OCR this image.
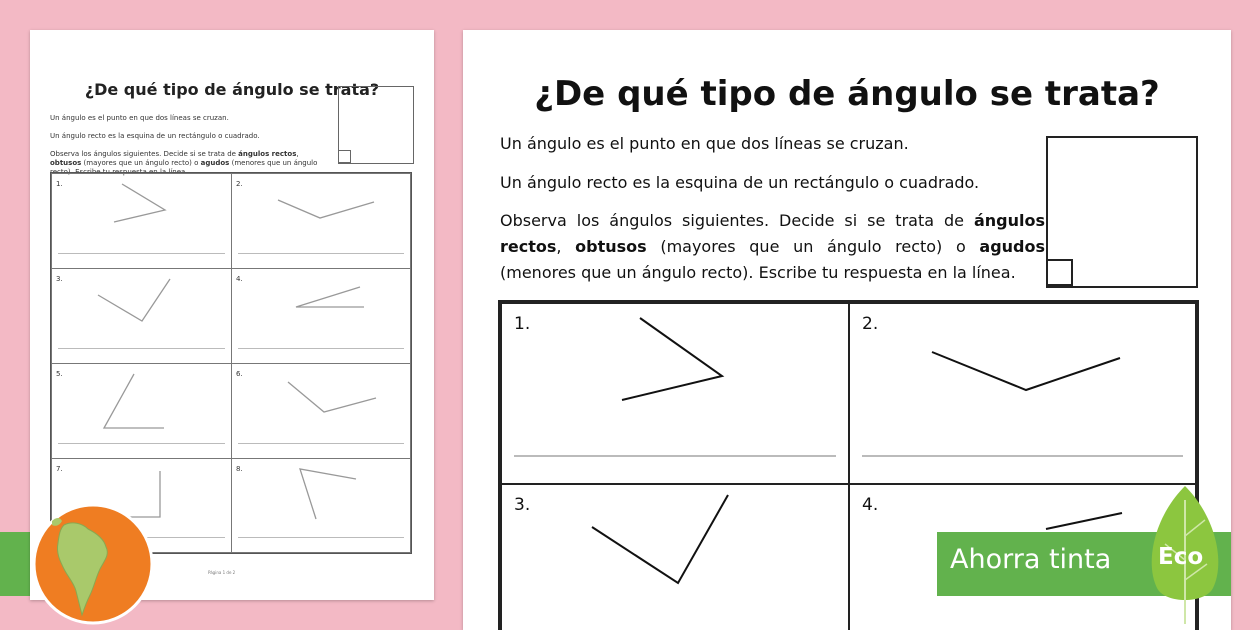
¿De qué tipo de ángulo se trata?
Un ángulo es el punto en que dos líneas se cruzan.
Un ángulo recto es la esquina de un rectángulo o cuadrado.
Observa los ángulos siguientes. Decide si se trata de ángulos rectos, obtusos (mayores que un ángulo recto) o agudos (menores que un ángulo recto). Escribe tu respuesta en la línea.
1.	2.
3.	4.
5.	6.
7.	8.
Página 1 de 2
¿De qué tipo de ángulo se trata?
Un ángulo es el punto en que dos líneas se cruzan.
Un ángulo recto es la esquina de un rectángulo o cuadrado.
Observa los ángulos siguientes. Decide si se trata de ángulos rectos, obtusos (mayores que un ángulo recto) o agudos (menores que un ángulo recto). Escribe tu respuesta en la línea.
1.	2.
3.	4.
Ahorra tinta Eco
